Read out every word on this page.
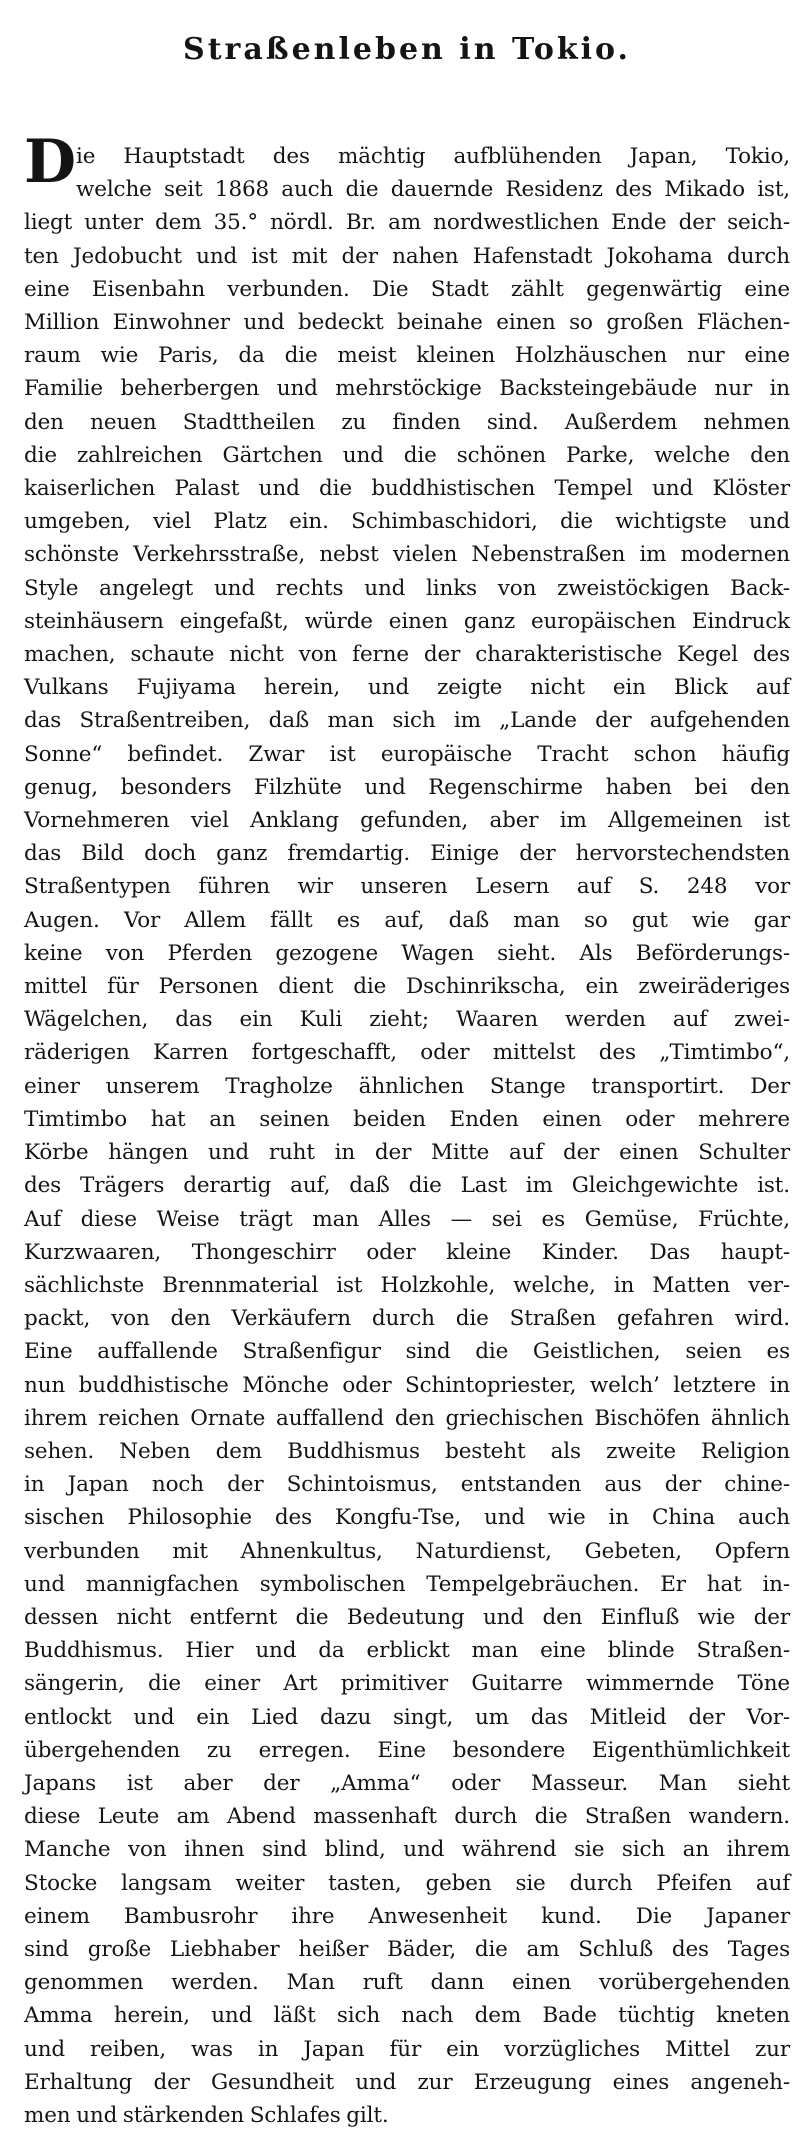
Straßenleben in Tokio.
D ie Hauptstadt des mächtig aufblühenden Japan, Tokio,
welche seit 1868 auch die dauernde Residenz des Mikado ist,
liegt unter dem 35.° nördl. Br. am nordwestlichen Ende der seich-
ten Jedobucht und ist mit der nahen Hafenstadt Jokohama durch
eine Eisenbahn verbunden. Die Stadt zählt gegenwärtig eine
Million Einwohner und bedeckt beinahe einen so großen Flächen-
raum wie Paris, da die meist kleinen Holzhäuschen nur eine
Familie beherbergen und mehrstöckige Backsteingebäude nur in
den neuen Stadttheilen zu finden sind. Außerdem nehmen
die zahlreichen Gärtchen und die schönen Parke, welche den
kaiserlichen Palast und die buddhistischen Tempel und Klöster
umgeben, viel Platz ein. Schimbaschidori, die wichtigste und
schönste Verkehrsstraße, nebst vielen Nebenstraßen im modernen
Style angelegt und rechts und links von zweistöckigen Back-
steinhäusern eingefaßt, würde einen ganz europäischen Eindruck
machen, schaute nicht von ferne der charakteristische Kegel des
Vulkans Fujiyama herein, und zeigte nicht ein Blick auf
das Straßentreiben, daß man sich im „Lande der aufgehenden
Sonne“ befindet. Zwar ist europäische Tracht schon häufig
genug, besonders Filzhüte und Regenschirme haben bei den
Vornehmeren viel Anklang gefunden, aber im Allgemeinen ist
das Bild doch ganz fremdartig. Einige der hervorstechendsten
Straßentypen führen wir unseren Lesern auf S. 248 vor
Augen. Vor Allem fällt es auf, daß man so gut wie gar
keine von Pferden gezogene Wagen sieht. Als Beförderungs-
mittel für Personen dient die Dschinrikscha, ein zweiräderiges
Wägelchen, das ein Kuli zieht; Waaren werden auf zwei-
räderigen Karren fortgeschafft, oder mittelst des „Timtimbo“,
einer unserem Tragholze ähnlichen Stange transportirt. Der
Timtimbo hat an seinen beiden Enden einen oder mehrere
Körbe hängen und ruht in der Mitte auf der einen Schulter
des Trägers derartig auf, daß die Last im Gleichgewichte ist.
Auf diese Weise trägt man Alles — sei es Gemüse, Früchte,
Kurzwaaren, Thongeschirr oder kleine Kinder. Das haupt-
sächlichste Brennmaterial ist Holzkohle, welche, in Matten ver-
packt, von den Verkäufern durch die Straßen gefahren wird.
Eine auffallende Straßenfigur sind die Geistlichen, seien es
nun buddhistische Mönche oder Schintopriester, welch’ letztere in
ihrem reichen Ornate auffallend den griechischen Bischöfen ähnlich
sehen. Neben dem Buddhismus besteht als zweite Religion
in Japan noch der Schintoismus, entstanden aus der chine-
sischen Philosophie des Kongfu-Tse, und wie in China auch
verbunden mit Ahnenkultus, Naturdienst, Gebeten, Opfern
und mannigfachen symbolischen Tempelgebräuchen. Er hat in-
dessen nicht entfernt die Bedeutung und den Einfluß wie der
Buddhismus. Hier und da erblickt man eine blinde Straßen-
sängerin, die einer Art primitiver Guitarre wimmernde Töne
entlockt und ein Lied dazu singt, um das Mitleid der Vor-
übergehenden zu erregen. Eine besondere Eigenthümlichkeit
Japans ist aber der „Amma“ oder Masseur. Man sieht
diese Leute am Abend massenhaft durch die Straßen wandern.
Manche von ihnen sind blind, und während sie sich an ihrem
Stocke langsam weiter tasten, geben sie durch Pfeifen auf
einem Bambusrohr ihre Anwesenheit kund. Die Japaner
sind große Liebhaber heißer Bäder, die am Schluß des Tages
genommen werden. Man ruft dann einen vorübergehenden
Amma herein, und läßt sich nach dem Bade tüchtig kneten
und reiben, was in Japan für ein vorzügliches Mittel zur
Erhaltung der Gesundheit und zur Erzeugung eines angeneh-
men und stärkenden Schlafes gilt.
